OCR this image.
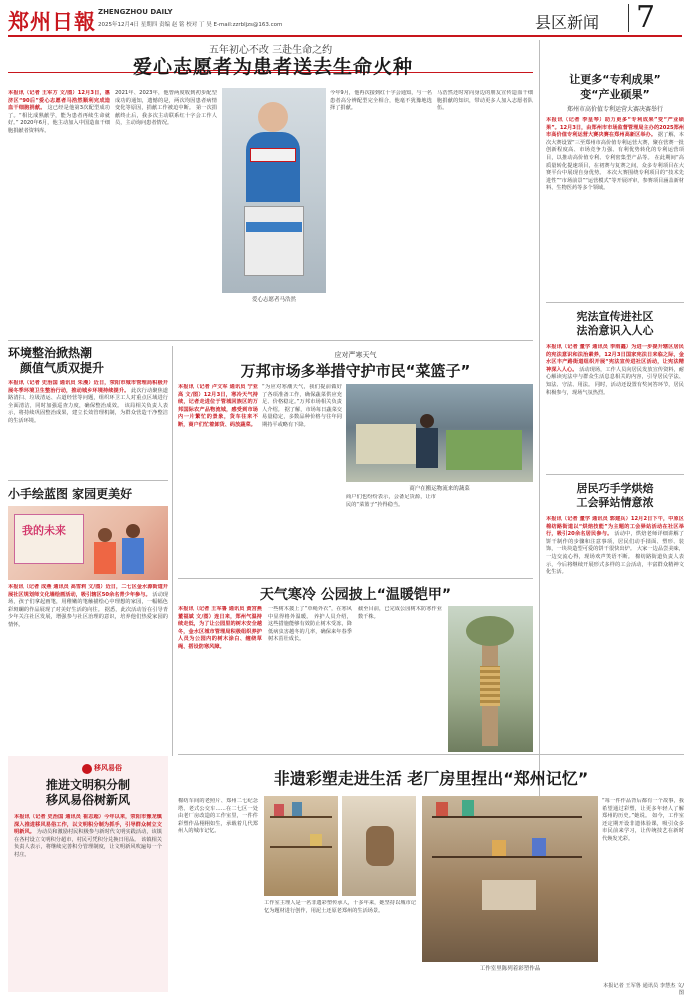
郑州日報 ZHENGZHOU DAILY
2025年12月4日 星期四 责编 赵 铭 校对 丁 昊 E-mail:zzrbljzs@163.com	县区新闻 7
五年初心不改 三赴生命之约
爱心志愿者为患者送去生命火种
本报讯（记者 王军方 文/图）12月3日，惠济区“90后”爱心志愿者马浩然顺利完成造血干细胞捐献。 这已经是他第3次配型成功了。“相比成熟献学，能为患者再续生命就好。” 2020年6月，他主动加入中国造血干细胞捐献者资料库。
2021年、2023年，他曾两度收到初步配型成功的通知，遗憾的是，两次均因患者病情变化等原因，捐献工作被迫中断。 第一次捐献终止后，我多次主动联系红十字会工作人员，主动询问患者情况。
爱心志愿者马浩然
今年9月，他再次接到红十字会通知，与一名患者高分辨配型完全相合，他毫不犹豫地选择了捐献。
马浩然还时常向身边的朋友宣传造血干细胞捐献的知识，带动更多人加入志愿者队伍。
让更多“专利成果”
变“产业硕果”
郑州市高价值专利运营大赛决赛举行
本报讯（记者 李皇琴）助力更多“专利成果”变“产业硕果”。12月3日，由郑州市市场监督管理局主办的2025郑州市高价值专利运营大赛决赛在郑州高新区举办。 据了解，本次大赛设置“三至郑州市高价值专利运营大赛，聚在营赛一批创新程度高、市场竞争力强、有利优势转化的专利运营项目，以推动高价值专利、专利密集型产品等。 在此期间“高质量转化提速项目，在初赛与复赛之间，众多专利项目在大赛平台中展现自身优势。 本次大赛围绕专利项目的“技术先进性”“市场前景”“运营模式”等开展评审，参赛项目涵盖新材料、生物医药等多个领域。
宪法宣传进社区
法治意识入人心
本报讯（记者 董学 通讯员 李雨鑫）为进一步提升辖区居民的宪法意识和法治素养，12月3日国家宪法日来临之际，金水区丰产路街道组织开展“宪法宣传进社区活动，让宪法精神深入人心。 活动现场，工作人员向居民发放宣传资料，耐心解读宪法中与群众生活息息相关的内容，引导居民学法、知法、守法、用法。 同时，活动还设置有奖问答环节，居民积极参与，现场气氛热烈。
居民巧手学烘焙
工会驿站情意浓
本报讯（记者 董学 通讯员 郭建兵）12月2日下午，中原区棉纺路街道以“烘焙技能”为主题的工会驿站活动在社区举行，吸引20余名居民参与。 活动中，烘焙老师详细讲解了饼干制作的步骤和注意事项，居民们动手揉面、塑形、装饰，一块块造型可爱的饼干很快出炉。 大家一边品尝美味，一边交流心得，现场欢声笑语不断。 棉纺路街道负责人表示，今后将继续开展形式多样的工会活动，丰富群众精神文化生活。
环境整治掀热潮
颜值气质双提升
本报讯（记者 史治国 通讯员 朱漫）近日，荥阳市城市管理局积极开展冬季环境卫生整治行动，推动城乡环境持续提升。 此次行动聚焦道路清扫、垃圾清运、占道经营等问题，组织环卫工人对重点区域进行全面清洁，同时加强巡查力度，确保整治成效。 该局相关负责人表示，将持续巩固整治成果，建立长效管理机制，为群众营造干净整洁的生活环境。
小手绘蓝图 家园更美好
我的未来
本报讯（记者 成燕 通讯员 高雪莉 文/图）近日，二七区金水源街道开展社区规划师文化墙绘画活动，吸引辖区50余名青少年参与。 活动现场，孩子们拿起画笔，用稚嫩的笔触描绘心中理想的家园，一幅幅色彩斑斓的作品展现了对美好生活的向往。 据悉，此次活动旨在引导青少年关注社区发展，增强参与社区治理的意识，培养他们热爱家园的情怀。
应对严寒天气
万邦市场多举措守护市民“菜篮子”
本报讯（记者 卢文军 通讯员 宁亚高 文/图）12月3日，寒冷天气持续，记者走进位于管城回族区的万邦国际农产品物流城，感受到市场内一片繁忙的景象，货车往来不断，商户们忙着卸货、码放蔬菜。
“为应对寒潮天气，我们提前做好了各项准备工作，确保蔬菜供应充足、价格稳定。”万邦市场相关负责人介绍。 据了解，市场每日蔬菜交易量稳定，多数品种价格与往年同期持平或略有下降。
商户在搬运物流来的蔬菜
商户们也纷纷表示，会备足货源，让市民的“菜篮子”拎得稳当。
天气寒冷 公园披上“温暖铠甲”
本报讯（记者 王军鲁 通讯员 黄宫燕 董福斌 文/图）连日来，郑州气温持续走低，为了让公园里的树木安全越冬，金水区城市管理局积极组织养护人员为公园内的树木涂白、缠绕草绳、搭设防寒风障。
一些树木披上了“草绳外衣”，在寒风中显得格外温暖。 养护人员介绍，这些措施能够有效防止树木受冻，降低病虫害越冬的几率，确保来年春季树木茁壮成长。
截至目前，已完成公园树木防寒作业数千株。
移风易俗
推进文明积分制
移风易俗树新风
本报讯（记者 史治国 通讯员 崔志超）今年以来，荥阳市豫龙镇深入推进移风易俗工作，以文明积分制为抓手，引导群众树立文明新风。 为动员和激励村民积极参与新时代文明实践活动，该镇在各村设立文明积分超市，村民可凭积分兑换日用品。 该镇相关负责人表示，将继续完善积分管理制度，让文明新风吹遍每一个村庄。
非遗彩塑走进生活 老厂房里捏出“郑州记忆”
棉纺车间的老照片、郑州二七纪念塔、老式公交车……在二七区一处由老厂房改造的工作室里，一件件彩塑作品栩栩如生，承载着几代郑州人的城市记忆。
工作室主理人是一名非遗彩塑传承人，十多年来，她坚持以城市记忆为题材进行创作，用泥土还原老郑州的生活场景。
工作室里陈列着彩塑作品
“每一件作品背后都有一个故事，我希望通过彩塑，让更多年轻人了解郑州的历史。”她说。 如今，工作室还定期开设非遗体验课，吸引众多市民前来学习，让传统技艺在新时代焕发光彩。
本报记者 王军鲁 通讯员 李慧杰 文/图
